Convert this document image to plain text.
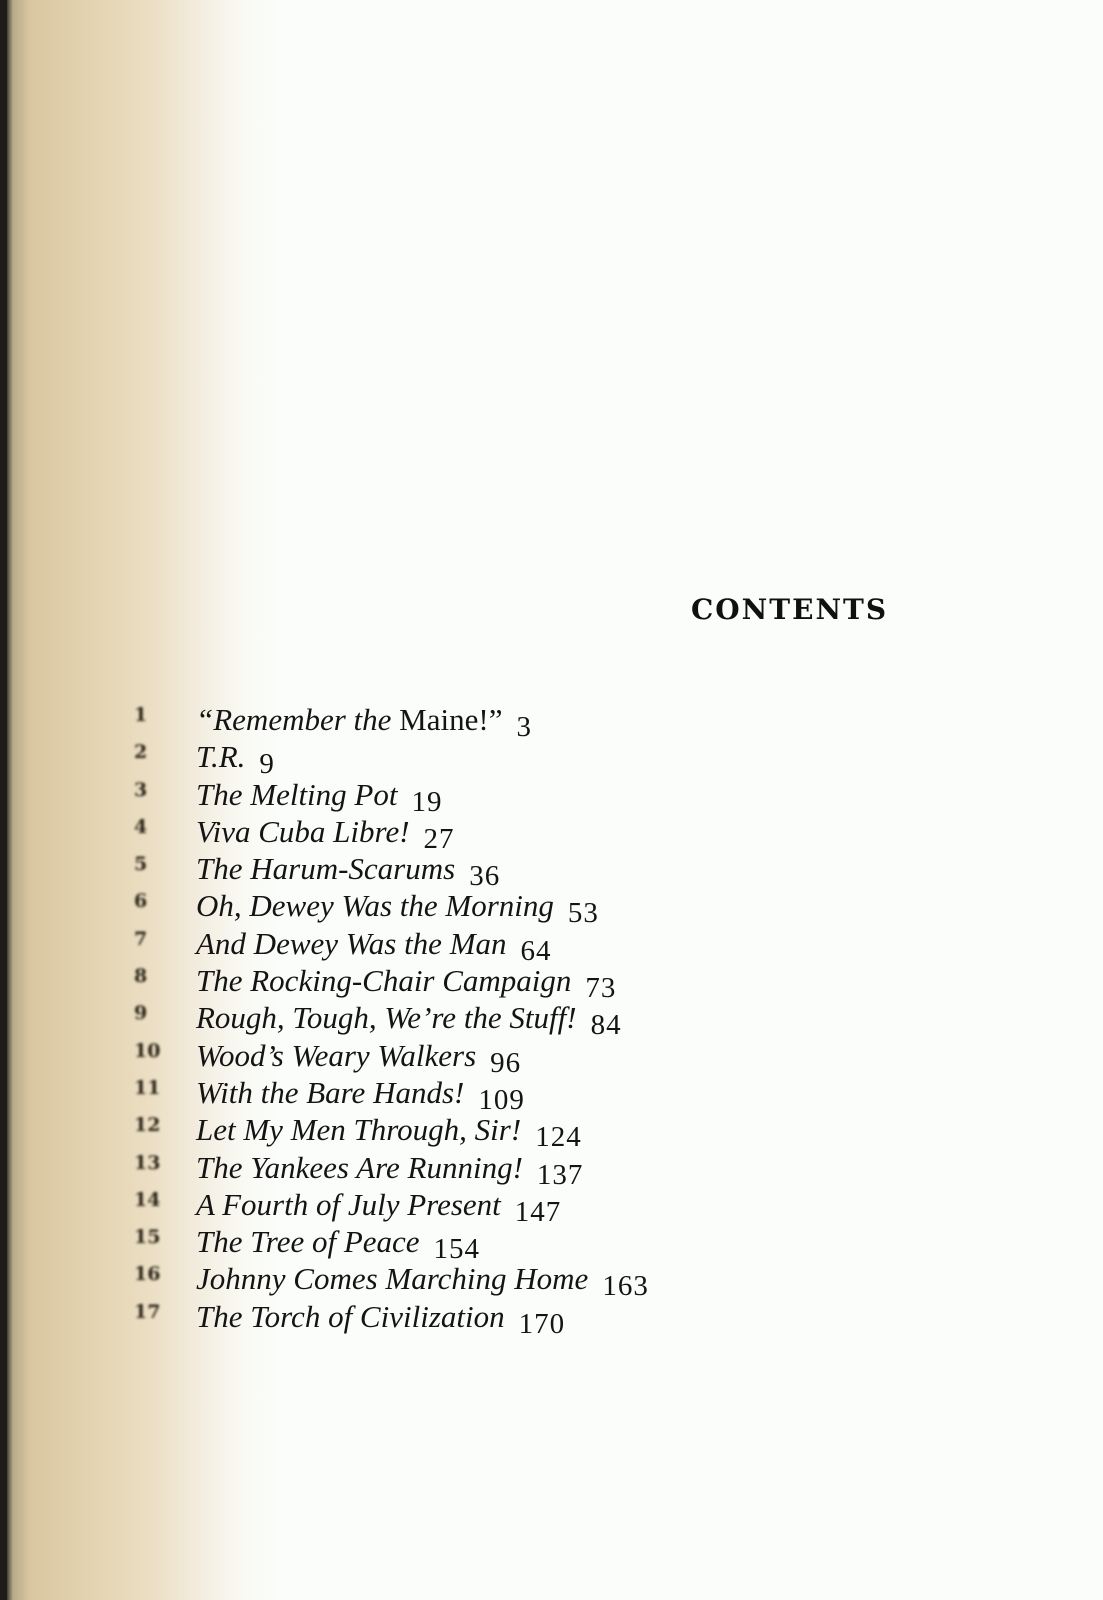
CONTENTS
1	“Remember the Maine!” 3
2	T.R. 9
3	The Melting Pot 19
4	Viva Cuba Libre! 27
5	The Harum-Scarums 36
6	Oh, Dewey Was the Morning 53
7	And Dewey Was the Man 64
8	The Rocking-Chair Campaign 73
9	Rough, Tough, We’re the Stuff! 84
10 Wood’s Weary Walkers 96
11 With the Bare Hands! 109
12 Let My Men Through, Sir! 124
13 The Yankees Are Running! 137
14 A Fourth of July Present 147
15 The Tree of Peace 154
16 Johnny Comes Marching Home 163
17 The Torch of Civilization 170
